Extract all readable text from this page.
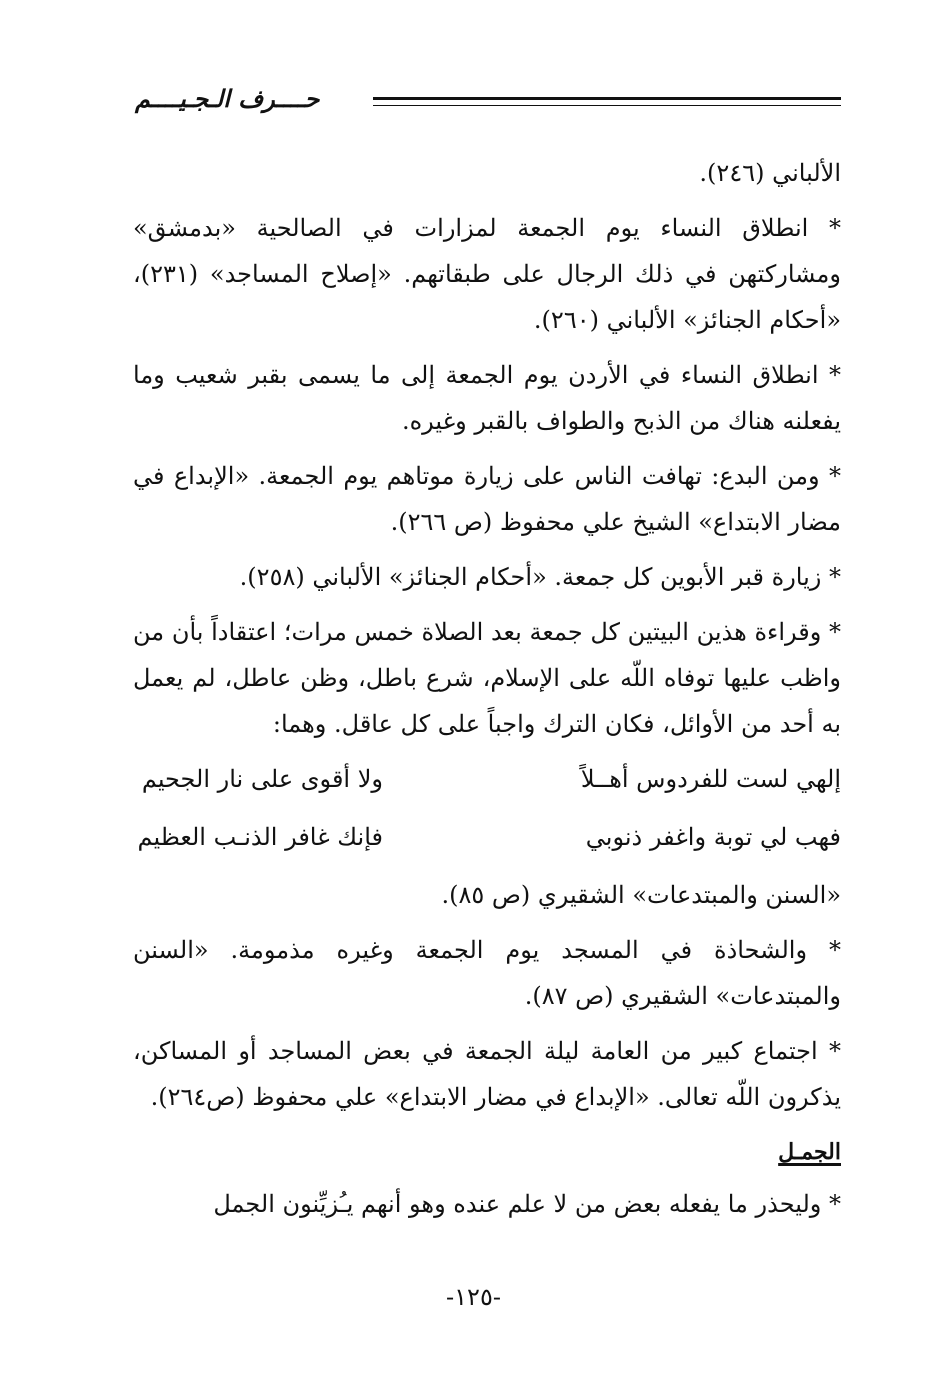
حــــرف الـجـيــــم

الألباني (٢٤٦).

* انطلاق النساء يوم الجمعة لمزارات في الصالحية «بدمشق» ومشاركتهن في ذلك الرجال على طبقاتهم. «إصلاح المساجد» (٢٣١)، «أحكام الجنائز» الألباني (٢٦٠).

* انطلاق النساء في الأردن يوم الجمعة إلى ما يسمى بقبر شعيب وما يفعلنه هناك من الذبح والطواف بالقبر وغيره.

* ومن البدع: تهافت الناس على زيارة موتاهم يوم الجمعة. «الإبداع في مضار الابتداع» الشيخ علي محفوظ (ص ٢٦٦).

* زيارة قبر الأبوين كل جمعة. «أحكام الجنائز» الألباني (٢٥٨).

* وقراءة هذين البيتين كل جمعة بعد الصلاة خمس مرات؛ اعتقاداً بأن من واظب عليها توفاه اللّه على الإسلام، شرع باطل، وظن عاطل، لم يعمل به أحد من الأوائل، فكان الترك واجباً على كل عاقل. وهما:

إلهي لست للفردوس أهــلاً
ولا أقوى على نار الجحيم
فهب لي توبة واغفر ذنوبي
فإنك غافر الذنـب العظيم

«السنن والمبتدعات» الشقيري (ص ٨٥).

* والشحاذة في المسجد يوم الجمعة وغيره مذمومة. «السنن والمبتدعات» الشقيري (ص ٨٧).

* اجتماع كبير من العامة ليلة الجمعة في بعض المساجد أو المساكن، يذكرون اللّه تعالى. «الإبداع في مضار الابتداع» علي محفوظ (ص٢٦٤).

الجمـل

* وليحذر ما يفعله بعض من لا علم عنده وهو أنهم يـُزيِّنون الجمل

-١٢٥-
